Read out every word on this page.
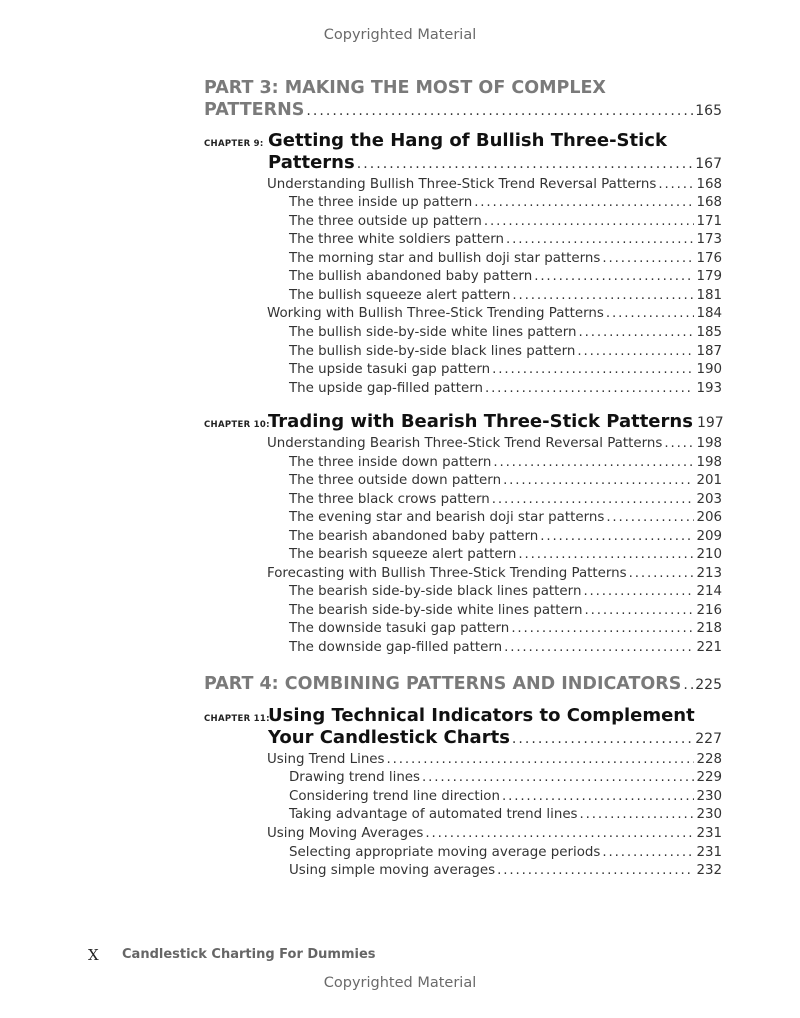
Copyrighted Material
PART 3: MAKING THE MOST OF COMPLEX
PATTERNS . . .	165
CHAPTER 9: Getting the Hang of Bullish Three-Stick
Patterns . . .	167
Understanding Bullish Three-Stick Trend Reversal Patterns . . .	168
The three inside up pattern . . .	168
The three outside up pattern . . .	171
The three white soldiers pattern . . .	173
The morning star and bullish doji star patterns . . .	176
The bullish abandoned baby pattern . . .	179
The bullish squeeze alert pattern . . .	181
Working with Bullish Three-Stick Trending Patterns . . .	184
The bullish side-by-side white lines pattern . . .	185
The bullish side-by-side black lines pattern . . .	187
The upside tasuki gap pattern . . .	190
The upside gap-filled pattern . . .	193
CHAPTER 10:
Trading with Bearish Three-Stick Patterns 197
Understanding Bearish Three-Stick Trend Reversal Patterns . . .	198
The three inside down pattern . . .	198
The three outside down pattern . . .	201
The three black crows pattern . . .	203
The evening star and bearish doji star patterns . . .	206
The bearish abandoned baby pattern . . .	209
The bearish squeeze alert pattern . . .	210
Forecasting with Bullish Three-Stick Trending Patterns . . .	213
The bearish side-by-side black lines pattern . . .	214
The bearish side-by-side white lines pattern . . .	216
The downside tasuki gap pattern . . .	218
The downside gap-filled pattern . . .	221
PART 4: COMBINING PATTERNS AND INDICATORS . . . 225
CHAPTER 11:
Using Technical Indicators to Complement
Your Candlestick Charts . . .	227
Using Trend Lines . . .	228
Drawing trend lines . . .	229
Considering trend line direction . . .	230
Taking advantage of automated trend lines . . .	230
Using Moving Averages . . .	231
Selecting appropriate moving average periods . . .	231
Using simple moving averages . . .	232
X Candlestick Charting For Dummies
Copyrighted Material
